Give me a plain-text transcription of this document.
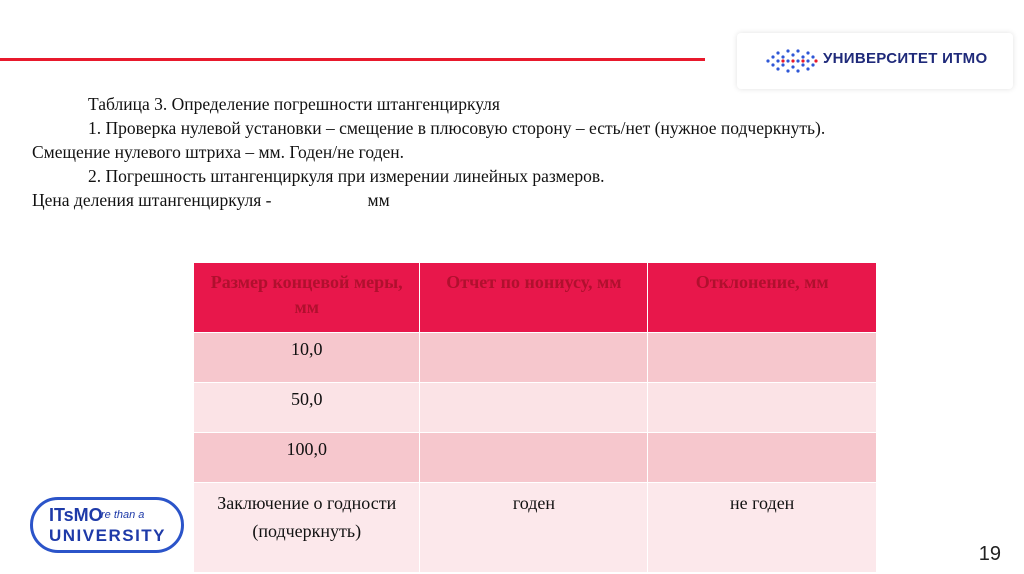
УНИВЕРСИТЕТ ИТМО

Таблица 3. Определение погрешности штангенциркуля

1. Проверка нулевой установки – смещение в плюсовую сторону – есть/нет (нужное подчеркнуть).

Смещение нулевого штриха – мм. Годен/не годен.

2. Погрешность штангенциркуля при измерении линейных размеров.

Цена деления штангенциркуля -	мм

Размер концевой меры, мм	Отчет по нониусу, мм	Отклонение, мм
10,0		
50,0		
100,0		
Заключение о годности (подчеркнуть)	годен	не годен
ITsMO
re than a
UNIVERSITY
19
